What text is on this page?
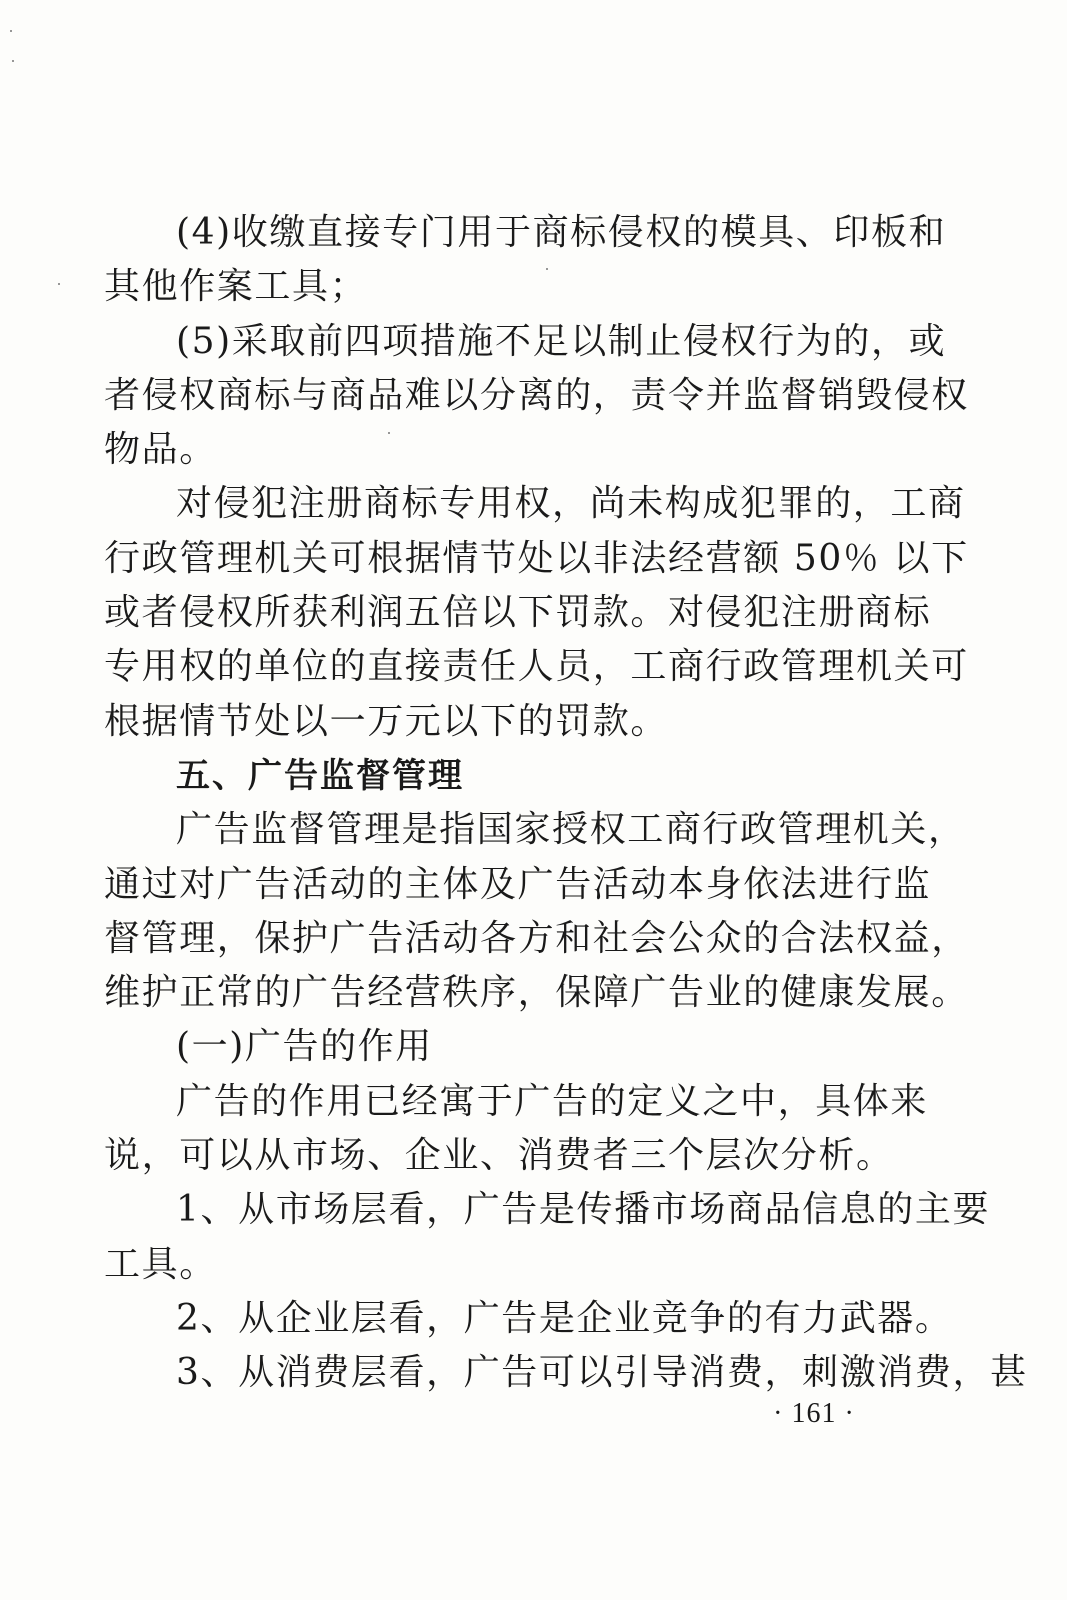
(4)收缴直接专门用于商标侵权的模具、印板和
其他作案工具；
(5)采取前四项措施不足以制止侵权行为的，或
者侵权商标与商品难以分离的，责令并监督销毁侵权
物品。
对侵犯注册商标专用权，尚未构成犯罪的，工商
行政管理机关可根据情节处以非法经营额 50％ 以下
或者侵权所获利润五倍以下罚款。对侵犯注册商标
专用权的单位的直接责任人员，工商行政管理机关可
根据情节处以一万元以下的罚款。
五、广告监督管理
广告监督管理是指国家授权工商行政管理机关，
通过对广告活动的主体及广告活动本身依法进行监
督管理，保护广告活动各方和社会公众的合法权益，
维护正常的广告经营秩序，保障广告业的健康发展。
(一)广告的作用
广告的作用已经寓于广告的定义之中，具体来
说，可以从市场、企业、消费者三个层次分析。
1、从市场层看，广告是传播市场商品信息的主要
工具。
2、从企业层看，广告是企业竞争的有力武器。
3、从消费层看，广告可以引导消费，刺激消费，甚
· 161 ·
